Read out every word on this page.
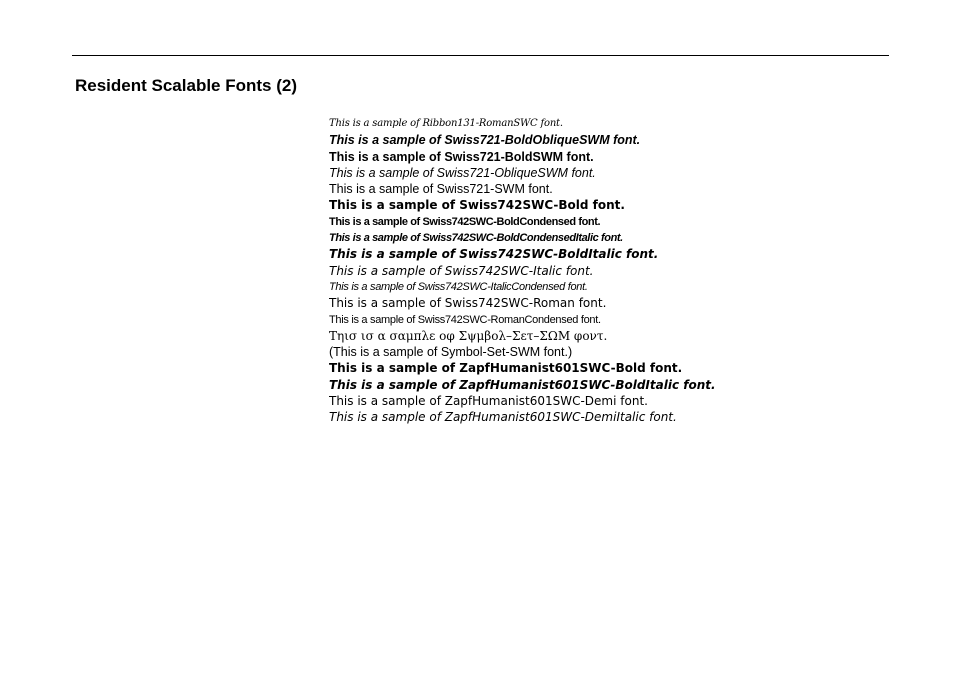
Resident Scalable Fonts (2)
This is a sample of Ribbon131-RomanSWC font.
This is a sample of Swiss721-BoldObliqueSWM font.
This is a sample of Swiss721-BoldSWM font.
This is a sample of Swiss721-ObliqueSWM font.
This is a sample of Swiss721-SWM font.
This is a sample of Swiss742SWC-Bold font.
This is a sample of Swiss742SWC-BoldCondensed font.
This is a sample of Swiss742SWC-BoldCondensedItalic font.
This is a sample of Swiss742SWC-BoldItalic font.
This is a sample of Swiss742SWC-Italic font.
This is a sample of Swiss742SWC-ItalicCondensed font.
This is a sample of Swiss742SWC-Roman font.
This is a sample of Swiss742SWC-RomanCondensed font.
Τηισ ισ α σαμπλε οφ Σψμβολ–Σετ–ΣΩΜ φοντ.
(This is a sample of Symbol-Set-SWM font.)
This is a sample of ZapfHumanist601SWC-Bold font.
This is a sample of ZapfHumanist601SWC-BoldItalic font.
This is a sample of ZapfHumanist601SWC-Demi font.
This is a sample of ZapfHumanist601SWC-DemiItalic font.
